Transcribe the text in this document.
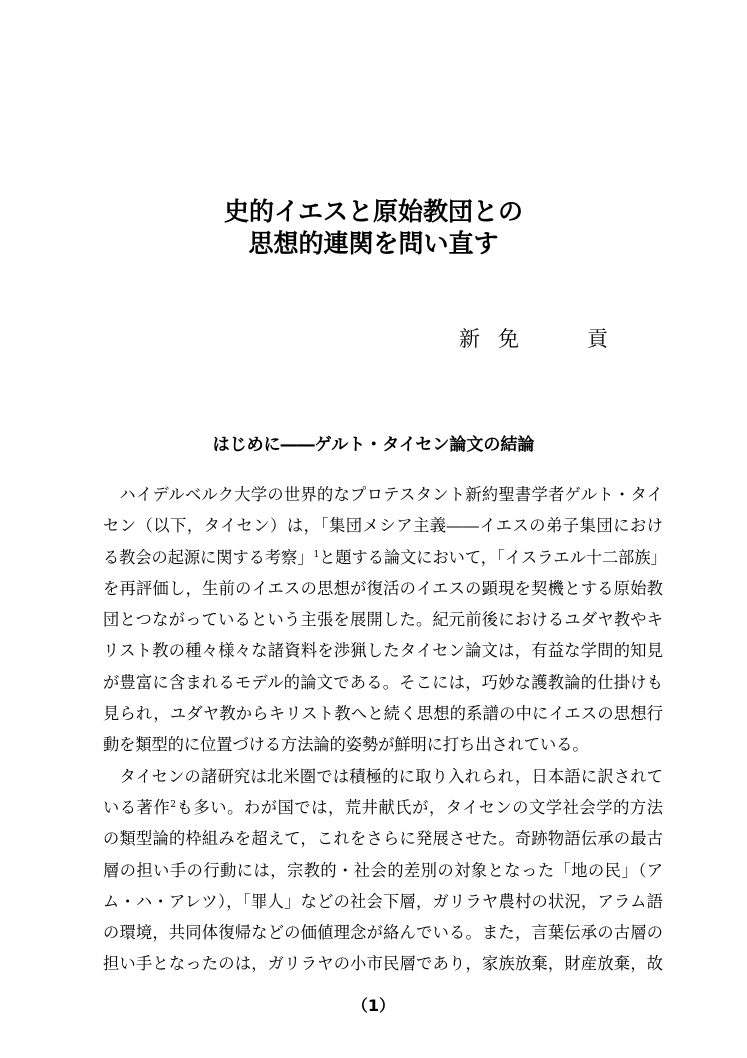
史的イエスと原始教団との
思想的連関を問い直す
新 免	貢
はじめに――ゲルト・タイセン論文の結論
　ハイデルベルク大学の世界的なプロテスタント新約聖書学者ゲルト・タイ
セン（以下，タイセン）は，「集団メシア主義――イエスの弟子集団におけ
る教会の起源に関する考察」$^1$と題する論文において，「イスラエル十二部族」
を再評価し，生前のイエスの思想が復活のイエスの顕現を契機とする原始教
団とつながっているという主張を展開した。紀元前後におけるユダヤ教やキ
リスト教の種々様々な諸資料を渉猟したタイセン論文は，有益な学問的知見
が豊富に含まれるモデル的論文である。そこには，巧妙な護教論的仕掛けも
見られ，ユダヤ教からキリスト教へと続く思想的系譜の中にイエスの思想行
動を類型的に位置づける方法論的姿勢が鮮明に打ち出されている。
　タイセンの諸研究は北米圏では積極的に取り入れられ，日本語に訳されて
いる著作$^2$も多い。わが国では，荒井献氏が，タイセンの文学社会学的方法
の類型論的枠組みを超えて，これをさらに発展させた。奇跡物語伝承の最古
層の担い手の行動には，宗教的・社会的差別の対象となった「地の民」（ア
ム・ハ・アレツ），「罪人」などの社会下層，ガリラヤ農村の状況，アラム語
の環境，共同体復帰などの価値理念が絡んでいる。また，言葉伝承の古層の
担い手となったのは，ガリラヤの小市民層であり，家族放棄，財産放棄，故
（1）
